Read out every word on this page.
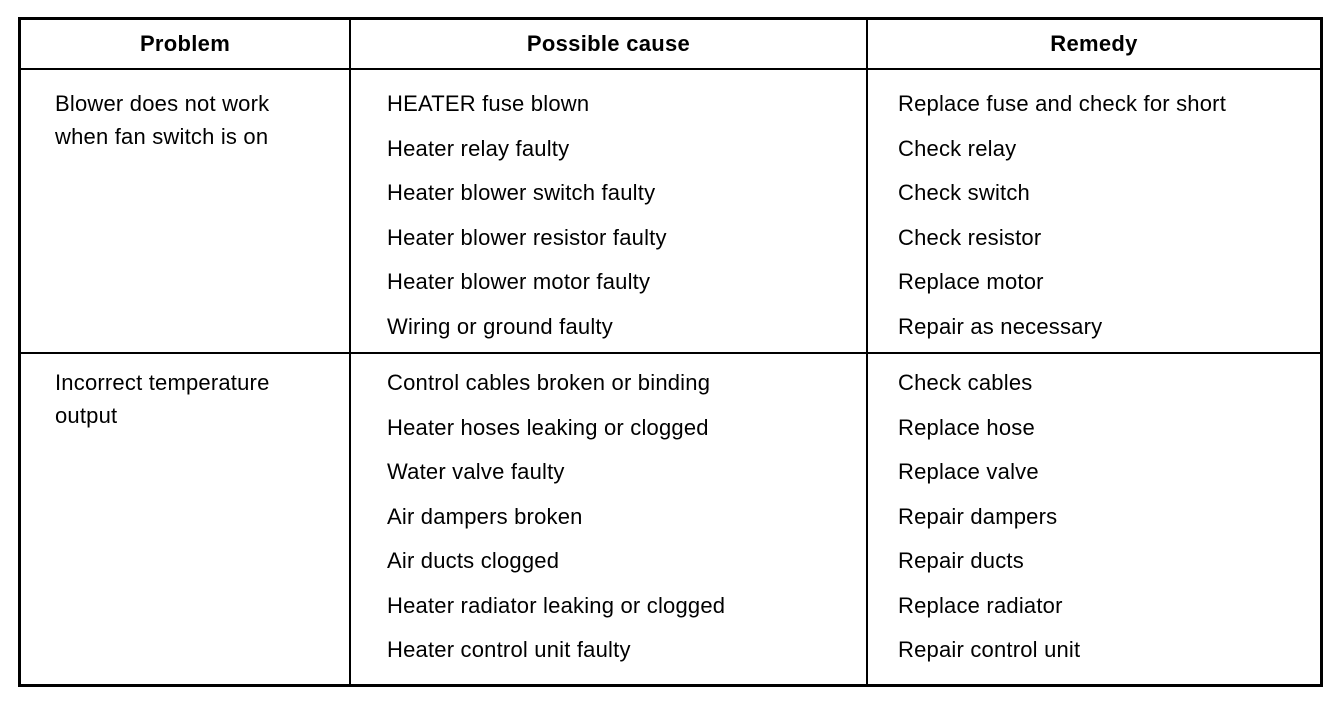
Problem	Possible cause	Remedy
Blower does not work
when fan switch is on
HEATER fuse blown
Heater relay faulty
Heater blower switch faulty
Heater blower resistor faulty
Heater blower motor faulty
Wiring or ground faulty
Replace fuse and check for short
Check relay
Check switch
Check resistor
Replace motor
Repair as necessary
Incorrect temperature
output
Control cables broken or binding
Heater hoses leaking or clogged
Water valve faulty
Air dampers broken
Air ducts clogged
Heater radiator leaking or clogged
Heater control unit faulty
Check cables
Replace hose
Replace valve
Repair dampers
Repair ducts
Replace radiator
Repair control unit
